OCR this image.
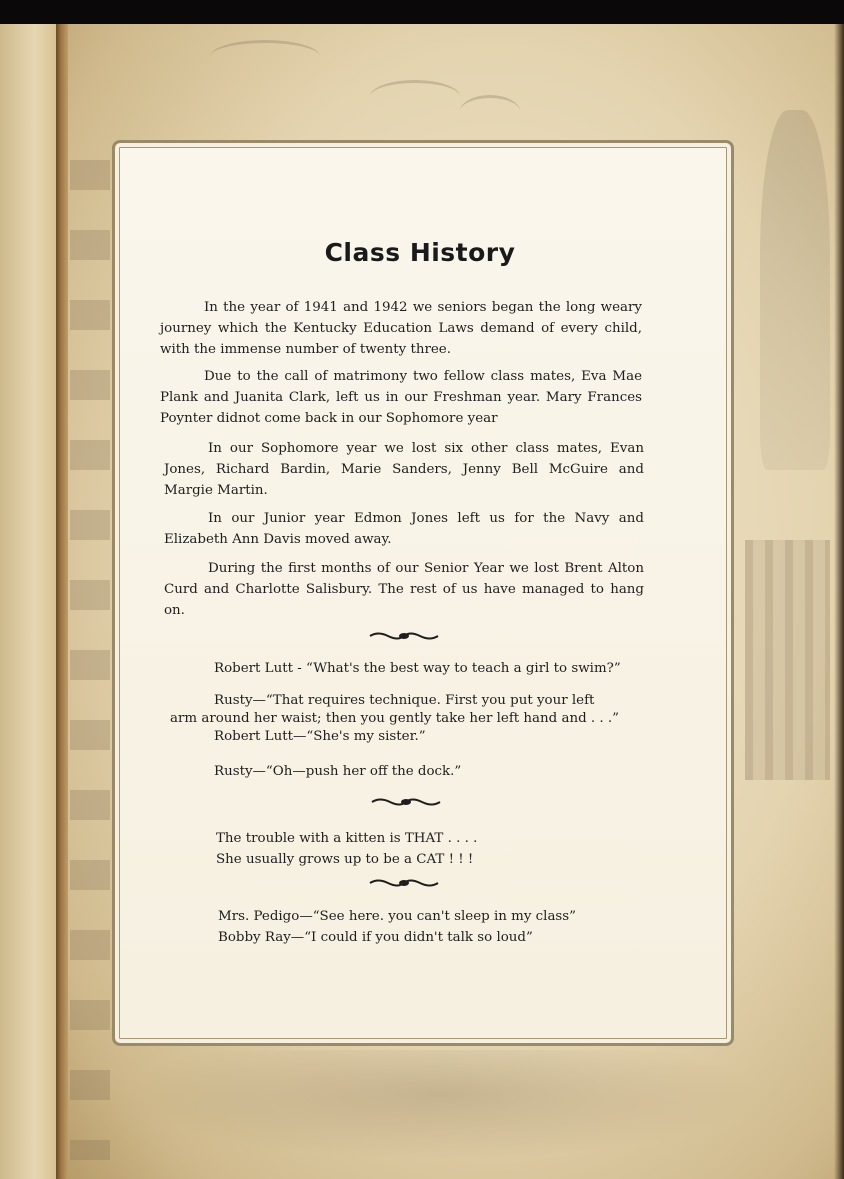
Class History
In the year of 1941 and 1942 we seniors began the long weary journey which the Kentucky Education Laws demand of every child, with the immense number of twenty three.
Due to the call of matrimony two fellow class mates, Eva Mae Plank and Juanita Clark, left us in our Freshman year. Mary Frances Poynter didnot come back in our Sophomore year
In our Sophomore year we lost six other class mates, Evan Jones, Richard Bardin, Marie Sanders, Jenny Bell McGuire and Margie Martin.
In our Junior year Edmon Jones left us for the Navy and Elizabeth Ann Davis moved away.
During the first months of our Senior Year we lost Brent Alton Curd and Charlotte Salisbury. The rest of us have managed to hang on.
Robert Lutt - “What's the best way to teach a girl to swim?”
Rusty—“That requires technique. First you put your left
arm around her waist; then you gently take her left hand and . . .”
Robert Lutt—“She's my sister.”
Rusty—“Oh—push her off the dock.”
The trouble with a kitten is THAT . . . .
She usually grows up to be a CAT ! ! !
Mrs. Pedigo—“See here. you can't sleep in my class”
Bobby Ray—“I could if you didn't talk so loud”
